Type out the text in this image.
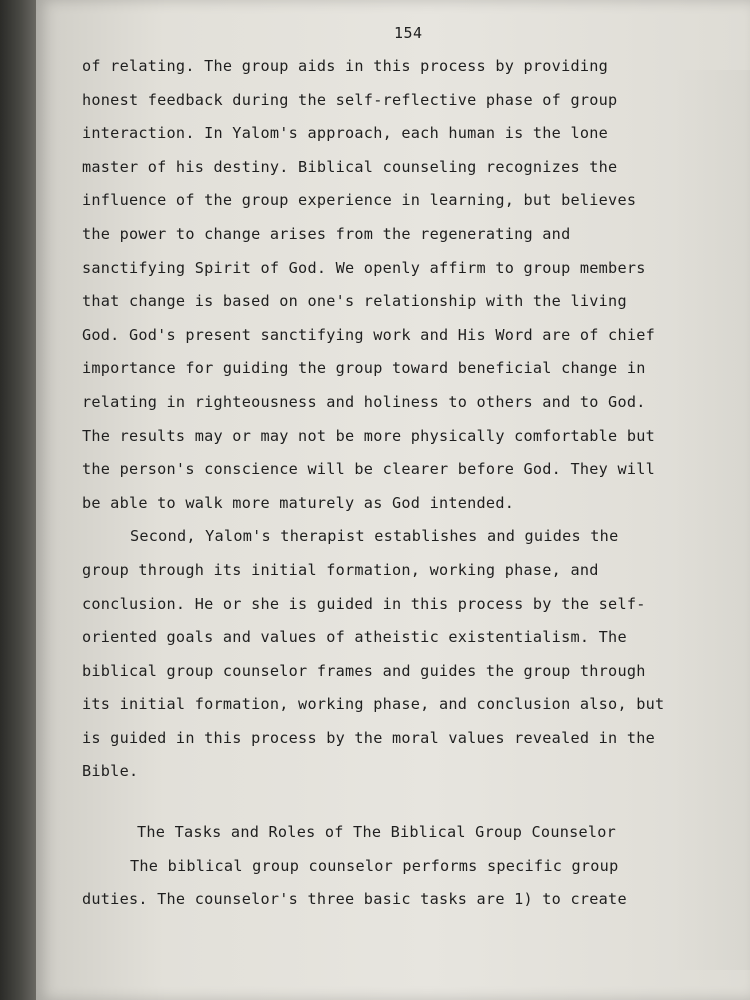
154
of relating. The group aids in this process by providing
honest feedback during the self-reflective phase of group
interaction. In Yalom's approach, each human is the lone
master of his destiny. Biblical counseling recognizes the
influence of the group experience in learning, but believes
the power to change arises from the regenerating and
sanctifying Spirit of God. We openly affirm to group members
that change is based on one's relationship with the living
God. God's present sanctifying work and His Word are of chief
importance for guiding the group toward beneficial change in
relating in righteousness and holiness to others and to God.
The results may or may not be more physically comfortable but
the person's conscience will be clearer before God. They will
be able to walk more maturely as God intended.
Second, Yalom's therapist establishes and guides the
group through its initial formation, working phase, and
conclusion. He or she is guided in this process by the self-
oriented goals and values of atheistic existentialism. The
biblical group counselor frames and guides the group through
its initial formation, working phase, and conclusion also, but
is guided in this process by the moral values revealed in the
Bible.
The Tasks and Roles of The Biblical Group Counselor
The biblical group counselor performs specific group
duties. The counselor's three basic tasks are 1) to create
